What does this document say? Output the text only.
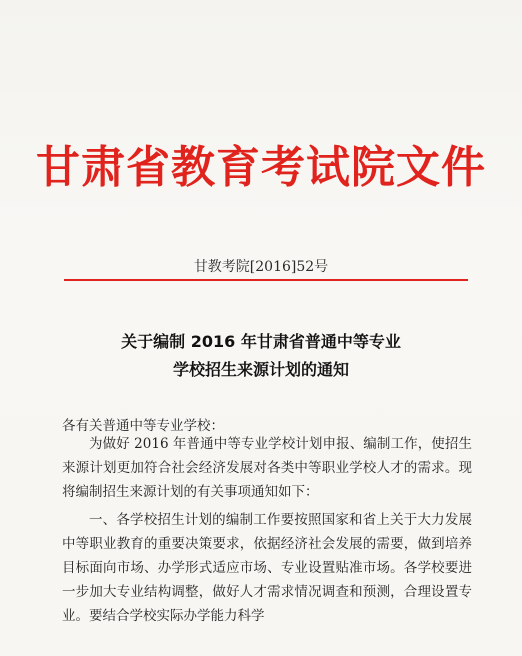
甘肃省教育考试院文件
甘教考院[2016]52号
关于编制 2016 年甘肃省普通中等专业
学校招生来源计划的通知
各有关普通中等专业学校：
为做好 2016 年普通中等专业学校计划申报、编制工作，使招生来源计划更加符合社会经济发展对各类中等职业学校人才的需求。现将编制招生来源计划的有关事项通知如下：
一、各学校招生计划的编制工作要按照国家和省上关于大力发展中等职业教育的重要决策要求，依据经济社会发展的需要，做到培养目标面向市场、办学形式适应市场、专业设置贴准市场。各学校要进一步加大专业结构调整，做好人才需求情况调查和预测，合理设置专业。要结合学校实际办学能力科学
